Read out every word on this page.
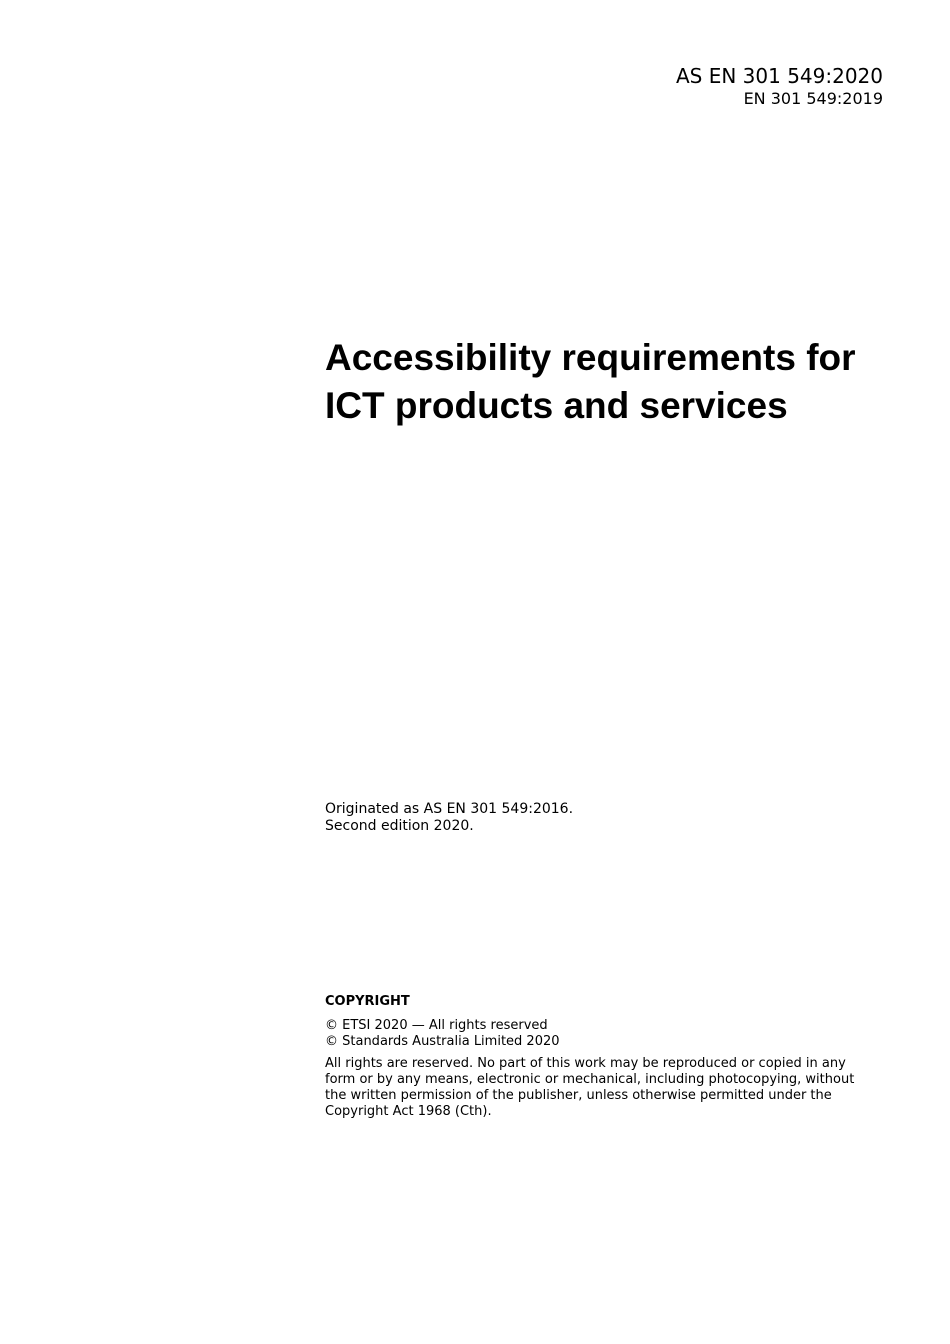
AS EN 301 549:2020
EN 301 549:2019
Accessibility requirements for
ICT products and services
Originated as AS EN 301 549:2016.
Second edition 2020.
COPYRIGHT
© ETSI 2020 — All rights reserved
© Standards Australia Limited 2020
All rights are reserved. No part of this work may be reproduced or copied in any form or by any means, electronic or mechanical, including photocopying, without the written permission of the publisher, unless otherwise permitted under the Copyright Act 1968 (Cth).
